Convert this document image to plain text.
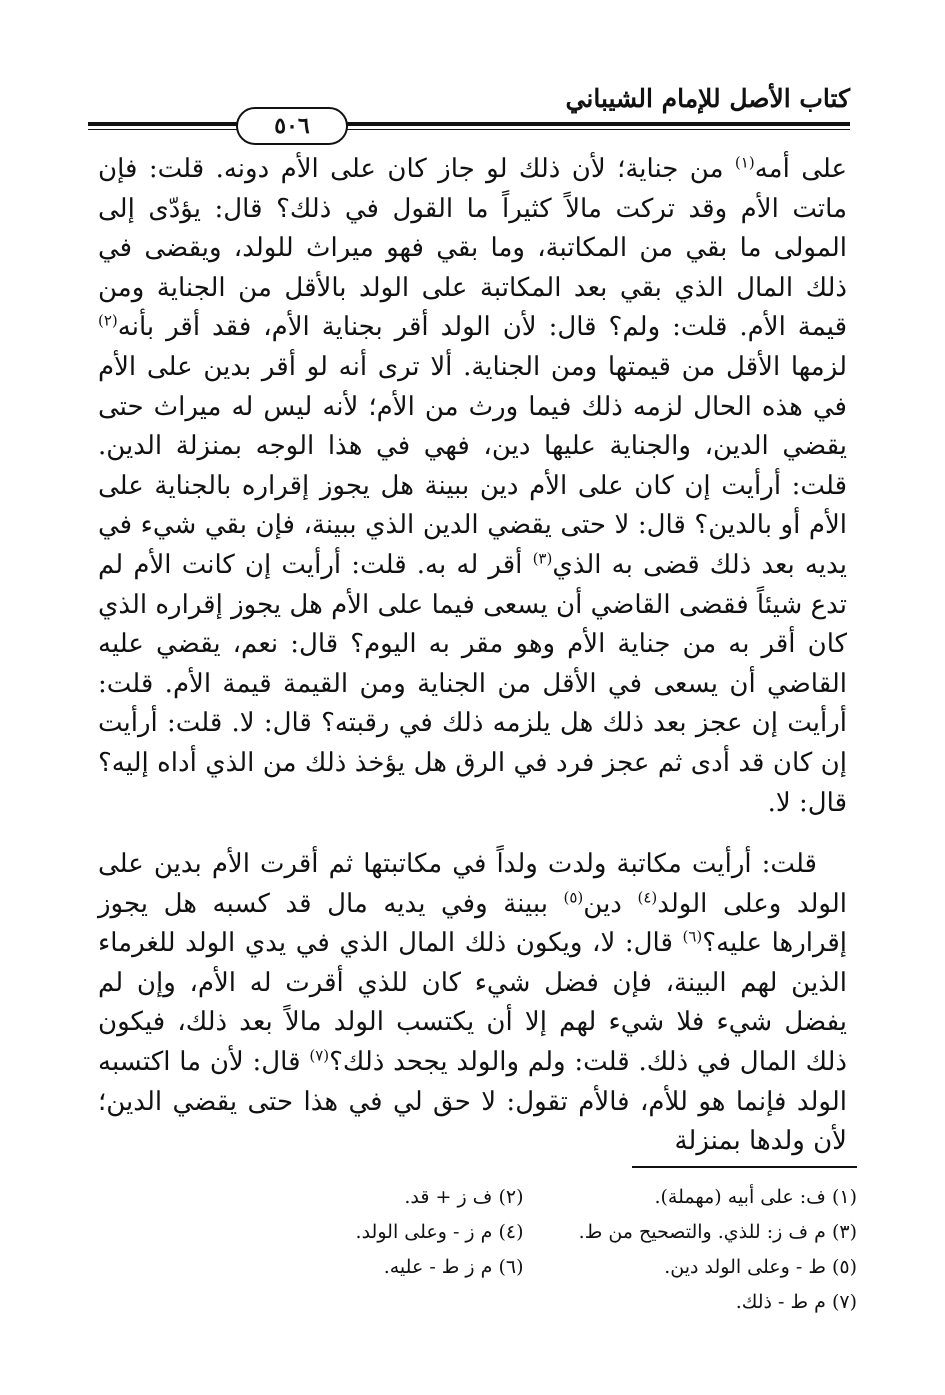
كتاب الأصل للإمام الشيباني
٥٠٦

على أمه$^{(١)}$ من جناية؛ لأن ذلك لو جاز كان على الأم دونه. قلت: فإن ماتت الأم وقد تركت مالاً كثيراً ما القول في ذلك؟ قال: يؤدّى إلى المولى ما بقي من المكاتبة، وما بقي فهو ميراث للولد، ويقضى في ذلك المال الذي بقي بعد المكاتبة على الولد بالأقل من الجناية ومن قيمة الأم. قلت: ولم؟ قال: لأن الولد أقر بجناية الأم، فقد أقر بأنه$^{(٢)}$ لزمها الأقل من قيمتها ومن الجناية. ألا ترى أنه لو أقر بدين على الأم في هذه الحال لزمه ذلك فيما ورث من الأم؛ لأنه ليس له ميراث حتى يقضي الدين، والجناية عليها دين، فهي في هذا الوجه بمنزلة الدين. قلت: أرأيت إن كان على الأم دين ببينة هل يجوز إقراره بالجناية على الأم أو بالدين؟ قال: لا حتى يقضي الدين الذي ببينة، فإن بقي شيء في يديه بعد ذلك قضى به الذي$^{(٣)}$ أقر له به. قلت: أرأيت إن كانت الأم لم تدع شيئاً فقضى القاضي أن يسعى فيما على الأم هل يجوز إقراره الذي كان أقر به من جناية الأم وهو مقر به اليوم؟ قال: نعم، يقضي عليه القاضي أن يسعى في الأقل من الجناية ومن القيمة قيمة الأم. قلت: أرأيت إن عجز بعد ذلك هل يلزمه ذلك في رقبته؟ قال: لا. قلت: أرأيت إن كان قد أدى ثم عجز فرد في الرق هل يؤخذ ذلك من الذي أداه إليه؟ قال: لا.

قلت: أرأيت مكاتبة ولدت ولداً في مكاتبتها ثم أقرت الأم بدين على الولد وعلى الولد$^{(٤)}$ دين$^{(٥)}$ ببينة وفي يديه مال قد كسبه هل يجوز إقرارها عليه؟$^{(٦)}$ قال: لا، ويكون ذلك المال الذي في يدي الولد للغرماء الذين لهم البينة، فإن فضل شيء كان للذي أقرت له الأم، وإن لم يفضل شيء فلا شيء لهم إلا أن يكتسب الولد مالاً بعد ذلك، فيكون ذلك المال في ذلك. قلت: ولم والولد يجحد ذلك؟$^{(٧)}$ قال: لأن ما اكتسبه الولد فإنما هو للأم، فالأم تقول: لا حق لي في هذا حتى يقضي الدين؛ لأن ولدها بمنزلة

(١) ف: على أبيه (مهملة).
(٢) ف ز + قد.
(٣) م ف ز: للذي. والتصحيح من ط.
(٤) م ز - وعلى الولد.
(٥) ط - وعلى الولد دين.
(٦) م ز ط - عليه.
(٧) م ط - ذلك.
